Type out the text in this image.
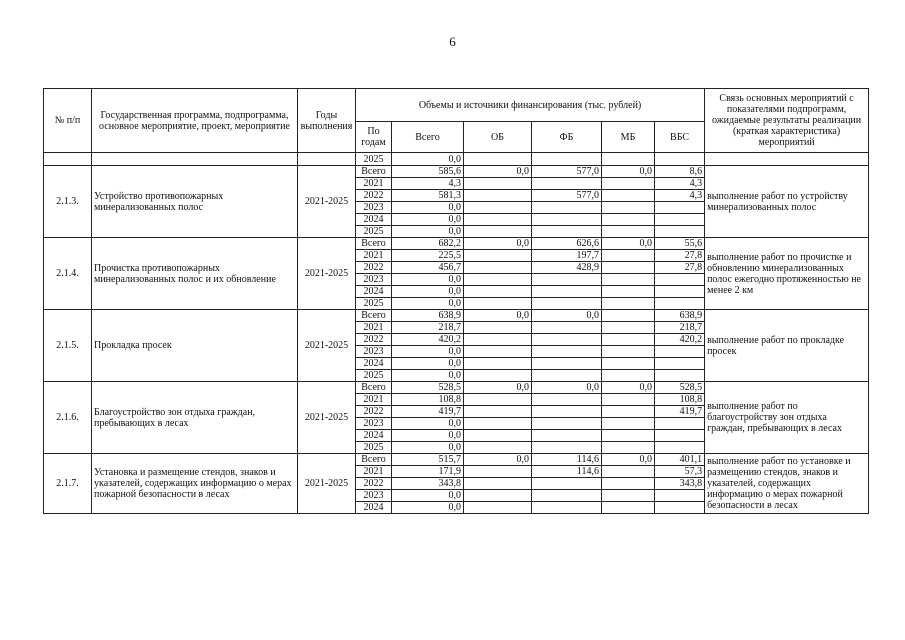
6
№ п/п	Государственная программа, подпрограмма, основное мероприятие, проект, мероприятие	Годы выполнения	Объемы и источники финансирования (тыс. рублей)						Связь основных мероприятий с показателями подпрограмм, ожидаемые результаты реализации (краткая характеристика) мероприятий
			По годам	Всего	ОБ	ФБ	МБ	ВБС	
			2025	0,0					
2.1.3.	Устройство противопожарных минерализованных полос	2021-2025	Всего	585,6	0,0	577,0	0,0	8,6	выполнение работ по устройству минерализованных полос
			2021	4,3				4,3	
			2022	581,3		577,0		4,3	
			2023	0,0					
			2024	0,0					
			2025	0,0					
2.1.4.	Прочистка противопожарных минерализованных полос и их обновление	2021-2025	Всего	682,2	0,0	626,6	0,0	55,6	выполнение работ по прочистке и обновлению минерализованных полос ежегодно протяженностью не менее 2 км
			2021	225,5		197,7		27,8	
			2022	456,7		428,9		27,8	
			2023	0,0					
			2024	0,0					
			2025	0,0					
2.1.5.	Прокладка просек	2021-2025	Всего	638,9	0,0	0,0		638,9	выполнение работ по прокладке просек
			2021	218,7				218,7	
			2022	420,2				420,2	
			2023	0,0					
			2024	0,0					
			2025	0,0					
2.1.6.	Благоустройство зон отдыха граждан, пребывающих в лесах	2021-2025	Всего	528,5	0,0	0,0	0,0	528,5	выполнение работ по благоустройству зон отдыха граждан, пребывающих в лесах
			2021	108,8				108,8	
			2022	419,7				419,7	
			2023	0,0					
			2024	0,0					
			2025	0,0					
2.1.7.	Установка и размещение стендов, знаков и указателей, содержащих информацию о мерах пожарной безопасности в лесах	2021-2025	Всего	515,7	0,0	114,6	0,0	401,1	выполнение работ по установке и размещению стендов, знаков и указателей, содержащих информацию о мерах пожарной безопасности в лесах
			2021	171,9		114,6		57,3	
			2022	343,8				343,8	
			2023	0,0					
			2024	0,0					
